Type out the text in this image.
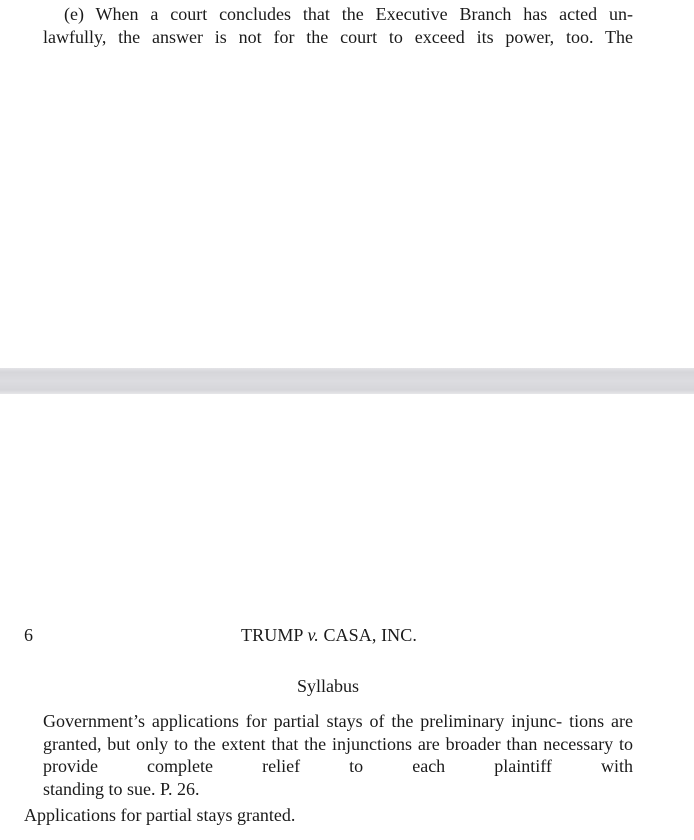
(e) When a court concludes that the Executive Branch has acted un-
lawfully, the answer is not for the court to exceed its power, too. The

6	TRUMP v. CASA, INC.
Syllabus

Government’s applications for partial stays of the preliminary injunc- tions are granted, but only to the extent that the injunctions are broader than necessary to provide complete relief to each plaintiff with
standing to sue. P. 26.

Applications for partial stays granted.
